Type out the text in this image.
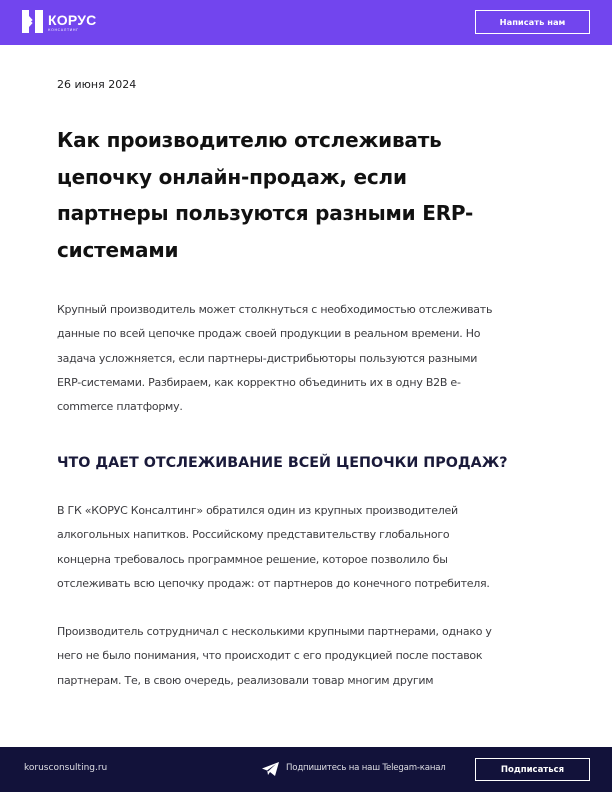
КОРУС
КОНСАЛТИНГ
Написать нам
26 июня 2024
Как производителю отслеживать
цепочку онлайн-продаж, если
партнеры пользуются разными ERP-
системами
Крупный производитель может столкнуться с необходимостью отслеживать
данные по всей цепочке продаж своей продукции в реальном времени. Но
задача усложняется, если партнеры-дистрибьюторы пользуются разными
ERP-системами. Разбираем, как корректно объединить их в одну B2B e-
commerce платформу.
ЧТО ДАЕТ ОТСЛЕЖИВАНИЕ ВСЕЙ ЦЕПОЧКИ ПРОДАЖ?
В ГК «КОРУС Консалтинг» обратился один из крупных производителей
алкогольных напитков. Российскому представительству глобального
концерна требовалось программное решение, которое позволило бы
отслеживать всю цепочку продаж: от партнеров до конечного потребителя.
Производитель сотрудничал с несколькими крупными партнерами, однако у
него не было понимания, что происходит с его продукцией после поставок
партнерам. Те, в свою очередь, реализовали товар многим другим
korusconsulting.ru	Подпишитесь на наш Telegam-канал	Подписаться
